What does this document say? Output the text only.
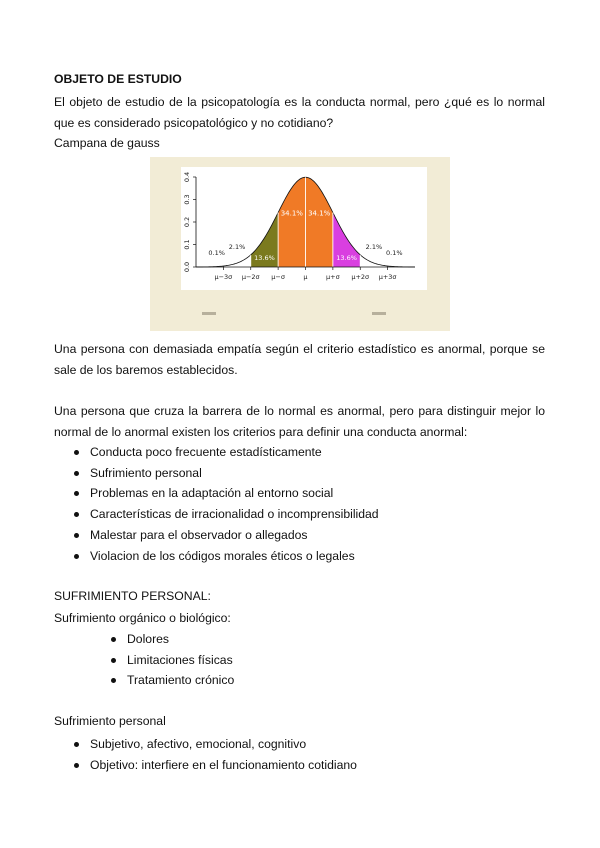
OBJETO DE ESTUDIO

El objeto de estudio de la psicopatología es la conducta normal, pero ¿qué es lo normal que es considerado psicopatológico y no cotidiano?

Campana de gauss

0.0
0.1
0.2
0.3
0.4
μ−3σ μ−2σ μ−σ	μ	μ+σ μ+2σ μ+3σ
0.1%
2.1%
13.6%
34.1% 34.1%
13.6%
2.1%
0.1%

Una persona con demasiada empatía según el criterio estadístico es anormal, porque se sale de los baremos establecidos.

Una persona que cruza la barrera de lo normal es anormal, pero para distinguir mejor lo normal de lo anormal existen los criterios para definir una conducta anormal:

Conducta poco frecuente estadísticamente
Sufrimiento personal
Problemas en la adaptación al entorno social
Características de irracionalidad o incomprensibilidad
Malestar para el observador o allegados
Violacion de los códigos morales éticos o legales

SUFRIMIENTO PERSONAL:

Sufrimiento orgánico o biológico:

Dolores
Limitaciones físicas
Tratamiento crónico

Sufrimiento personal

Subjetivo, afectivo, emocional, cognitivo
Objetivo: interfiere en el funcionamiento cotidiano
